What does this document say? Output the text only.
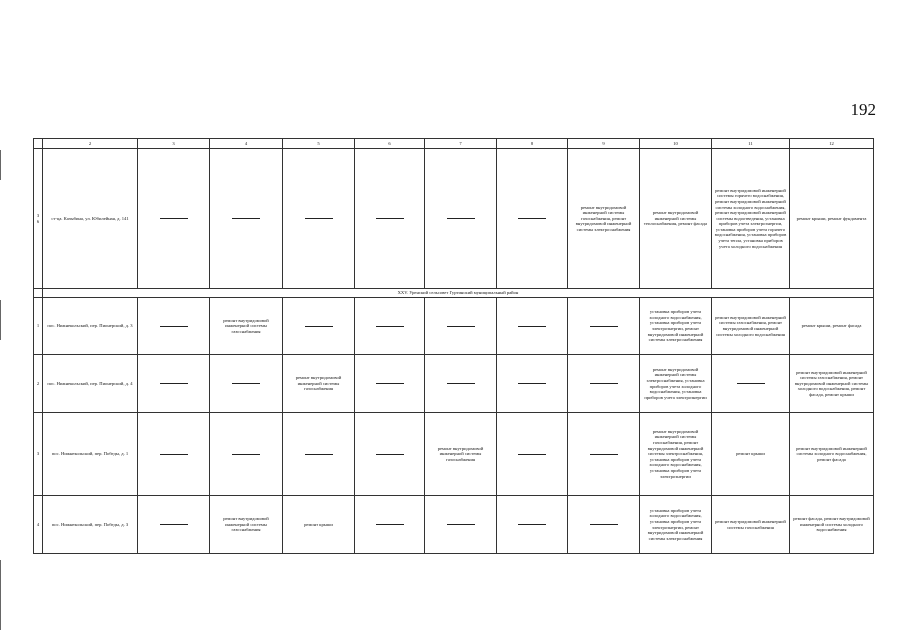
192
	2	3	4	5	6	7	8	9	10	11	12
36	ст-ца. Казыбина, ул. Юбилейная, д. 141							ремонт внутридомовой инженерной системы газоснабжения, ремонт внутридомовой инженерной системы электроснабжения	ремонт внутридомовой инженерной системы теплоснабжения, ремонт фасада	ремонт внутридомовой инженерной системы горячего водоснабжения, ремонт внутридомовой инженерной системы холодного водоснабжения, ремонт внутридомовой инженерной системы водоотведения, установка приборов учета электроэнергии, установка приборов учета горячего водоснабжения, установка приборов учета тепла, установка приборов учета холодного водоснабжения	ремонт крыши, ремонт фундамента
	XXV. Уренский сельсовет Гуртинский муниципальный район										
1	пос. Нижнекольский, пер. Пионерский, д. 3		ремонт внутридомовой инженерной системы газоснабжения						установка приборов учета холодного водоснабжения, установка приборов учета электроэнергии, ремонт внутридомовой инженерной системы электроснабжения	ремонт внутридомовой инженерной системы газоснабжения, ремонт внутридомовой инженерной системы холодного водоснабжения	ремонт крыши, ремонт фасада
2	пос. Нижнекольский, пер. Пионерский, д. 4			ремонт внутридомовой инженерной системы газоснабжения					ремонт внутридомовой инженерной системы электроснабжения, установка приборов учета холодного водоснабжения, установка приборов учета электроэнергии		ремонт внутридомовой инженерной системы газоснабжения, ремонт внутридомовой инженерной системы холодного водоснабжения, ремонт фасада, ремонт крыши
3	пос. Нижнекольский, пер. Победы, д. 1					ремонт внутридомовой инженерной системы газоснабжения			ремонт внутридомовой инженерной системы газоснабжения, ремонт внутридомовой инженерной системы электроснабжения, установка приборов учета холодного водоснабжения, установка приборов учета электроэнергии	ремонт крыши	ремонт внутридомовой инженерной системы холодного водоснабжения, ремонт фасада
4	пос. Нижнекольский, пер. Победы, д. 3		ремонт внутридомовой инженерной системы газоснабжения	ремонт крыши					установка приборов учета холодного водоснабжения, установка приборов учета электроэнергии, ремонт внутридомовой инженерной системы электроснабжения	ремонт внутридомовой инженерной системы газоснабжения	ремонт фасада, ремонт внутридомовой инженерной системы холодного водоснабжения
